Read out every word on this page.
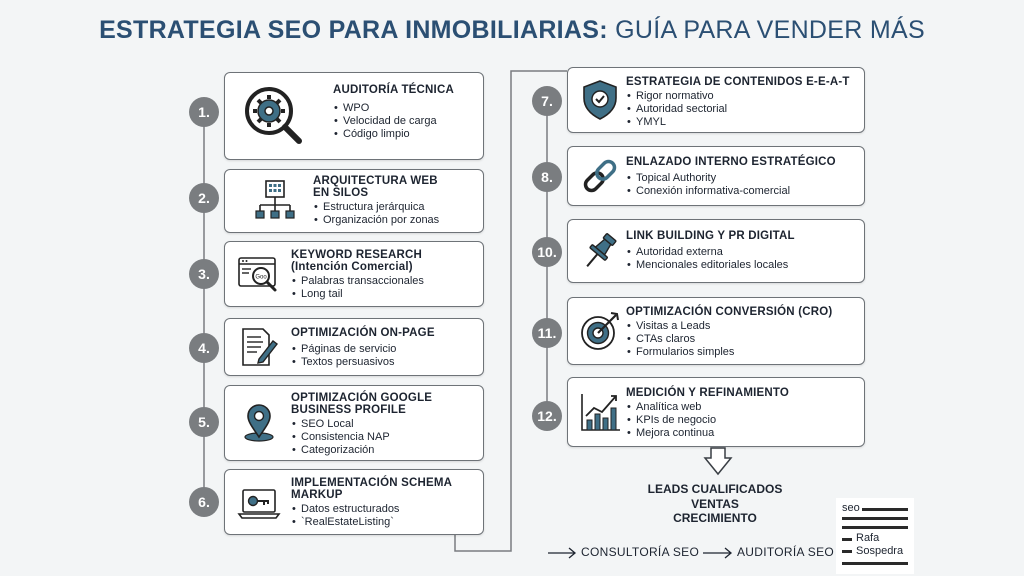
ESTRATEGIA SEO PARA INMOBILIARIAS: GUÍA PARA VENDER MÁS
1.
2.
3.
4.
5.
6.
7.
8.
10.
11.
12.
AUDITORÍA TÉCNICA
• WPO
• Velocidad de carga
• Código limpio
ARQUITECTURA WEB
EN SILOS
• Estructura jerárquica
• Organización por zonas
Goo
KEYWORD RESEARCH
(Intención Comercial)
• Palabras transaccionales
• Long tail
OPTIMIZACIÓN ON-PAGE
• Páginas de servicio
• Textos persuasivos
OPTIMIZACIÓN GOOGLE
BUSINESS PROFILE
• SEO Local
• Consistencia NAP
• Categorización
IMPLEMENTACIÓN SCHEMA
MARKUP
• Datos estructurados
• `RealEstateListing`
ESTRATEGIA DE CONTENIDOS E-E-A-T
• Rigor normativo
• Autoridad sectorial
• YMYL
ENLAZADO INTERNO ESTRATÉGICO
• Topical Authority
• Conexión informativa-comercial
LINK BUILDING Y PR DIGITAL
• Autoridad externa
• Mencionales editoriales locales
OPTIMIZACIÓN CONVERSIÓN (CRO)
• Visitas a Leads
• CTAs claros
• Formularios simples
MEDICIÓN Y REFINAMIENTO
• Analítica web
• KPIs de negocio
• Mejora continua
LEADS CUALIFICADOS
VENTAS
CRECIMIENTO
CONSULTORÍA SEO	AUDITORÍA SEO
seo
Rafa
Sospedra
